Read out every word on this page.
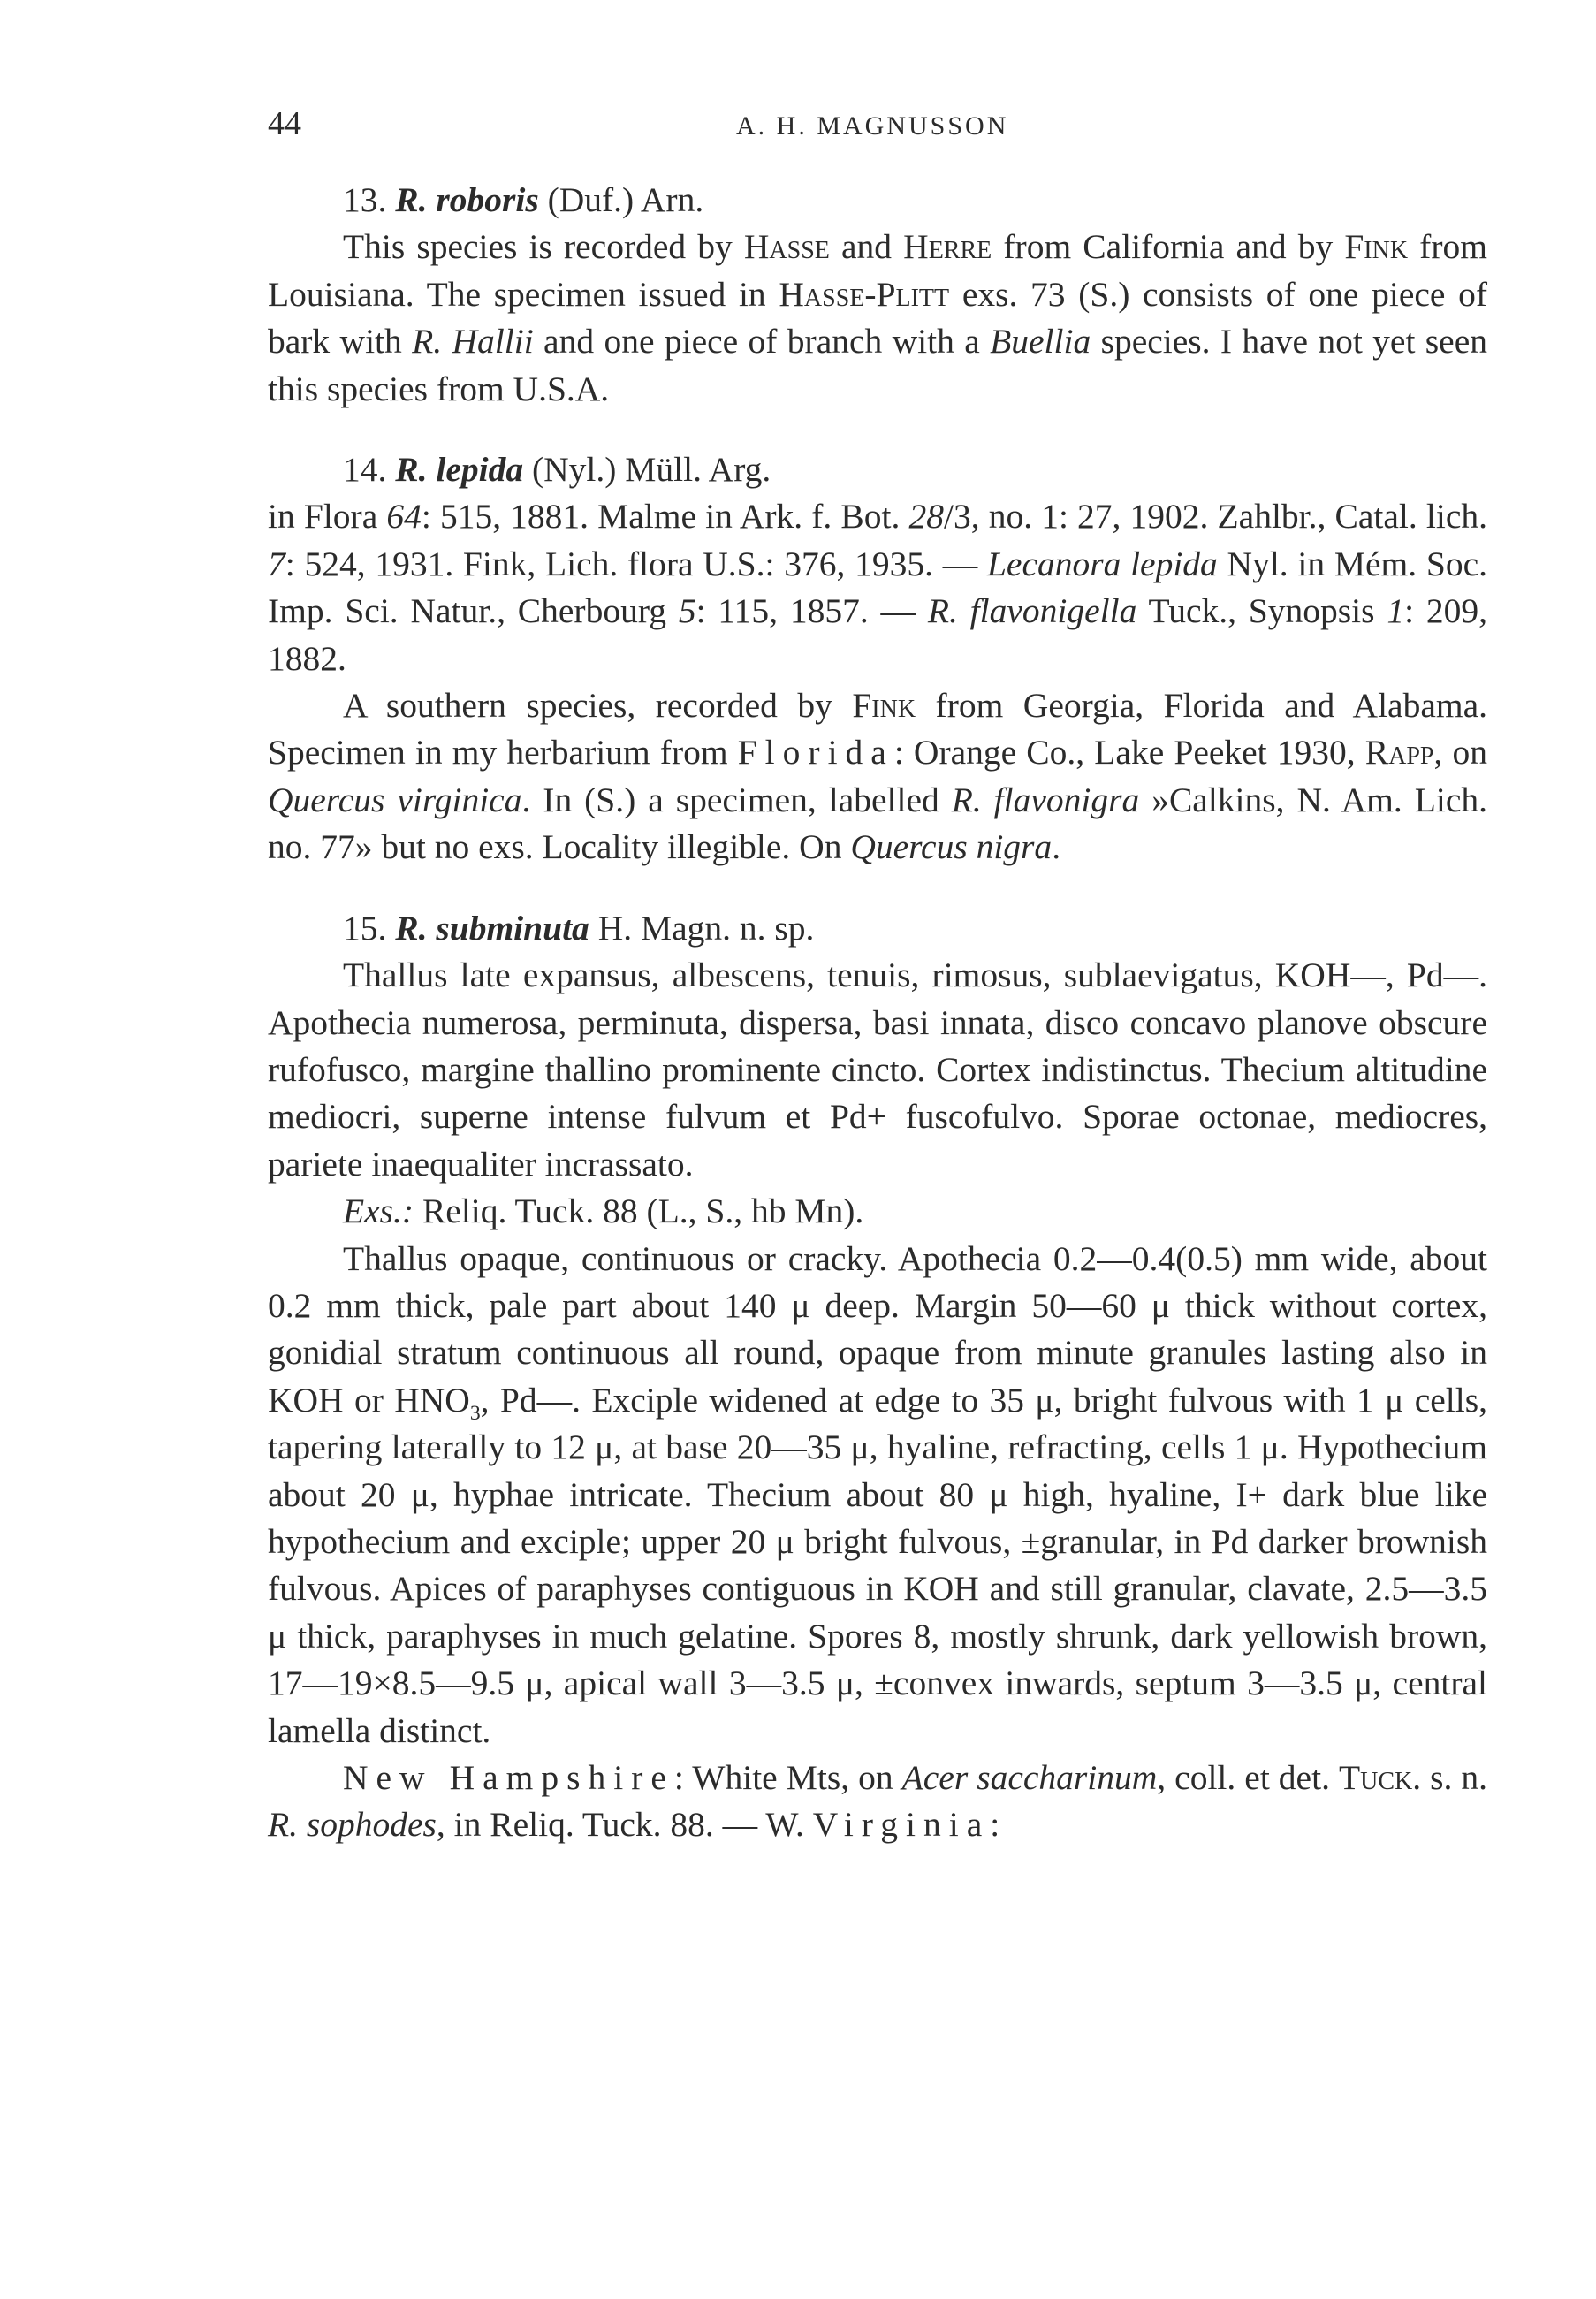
44	A. H. MAGNUSSON

13. R. roboris (Duf.) Arn.

This species is recorded by Hasse and Herre from California and by Fink from Louisiana. The specimen issued in Hasse-Plitt exs. 73 (S.) consists of one piece of bark with R. Hallii and one piece of branch with a Buellia species. I have not yet seen this species from U.S.A.

14. R. lepida (Nyl.) Müll. Arg.

in Flora 64: 515, 1881. Malme in Ark. f. Bot. 28/3, no. 1: 27, 1902. Zahlbr., Catal. lich. 7: 524, 1931. Fink, Lich. flora U.S.: 376, 1935. — Lecanora lepida Nyl. in Mém. Soc. Imp. Sci. Natur., Cherbourg 5: 115, 1857. — R. flavonigella Tuck., Synopsis 1: 209, 1882.

A southern species, recorded by Fink from Georgia, Florida and Alabama. Specimen in my herbarium from Florida: Orange Co., Lake Peeket 1930, Rapp, on Quercus virginica. In (S.) a specimen, labelled R. flavonigra »Calkins, N. Am. Lich. no. 77» but no exs. Locality illegible. On Quercus nigra.

15. R. subminuta H. Magn. n. sp.

Thallus late expansus, albescens, tenuis, rimosus, sublaevigatus, KOH—, Pd—. Apothecia numerosa, perminuta, dispersa, basi innata, disco concavo planove obscure rufofusco, margine thallino prominente cincto. Cortex indistinctus. Thecium altitudine mediocri, superne intense fulvum et Pd+ fuscofulvo. Sporae octonae, mediocres, pariete inaequaliter incrassato.

Exs.: Reliq. Tuck. 88 (L., S., hb Mn).

Thallus opaque, continuous or cracky. Apothecia 0.2—0.4(0.5) mm wide, about 0.2 mm thick, pale part about 140 μ deep. Margin 50—60 μ thick without cortex, gonidial stratum continuous all round, opaque from minute granules lasting also in KOH or $HNO_3$, Pd—. Exciple widened at edge to 35 μ, bright fulvous with 1 μ cells, tapering laterally to 12 μ, at base 20—35 μ, hyaline, refracting, cells 1 μ. Hypothecium about 20 μ, hyphae intricate. Thecium about 80 μ high, hyaline, I+ dark blue like hypothecium and exciple; upper 20 μ bright fulvous, ±granular, in Pd darker brownish fulvous. Apices of paraphyses contiguous in KOH and still granular, clavate, 2.5—3.5 μ thick, paraphyses in much gelatine. Spores 8, mostly shrunk, dark yellowish brown, 17—19×8.5—9.5 μ, apical wall 3—3.5 μ, ±convex inwards, septum 3—3.5 μ, central lamella distinct.

New Hampshire: White Mts, on Acer saccharinum, coll. et det. Tuck. s. n. R. sophodes, in Reliq. Tuck. 88. — W. Virginia:
